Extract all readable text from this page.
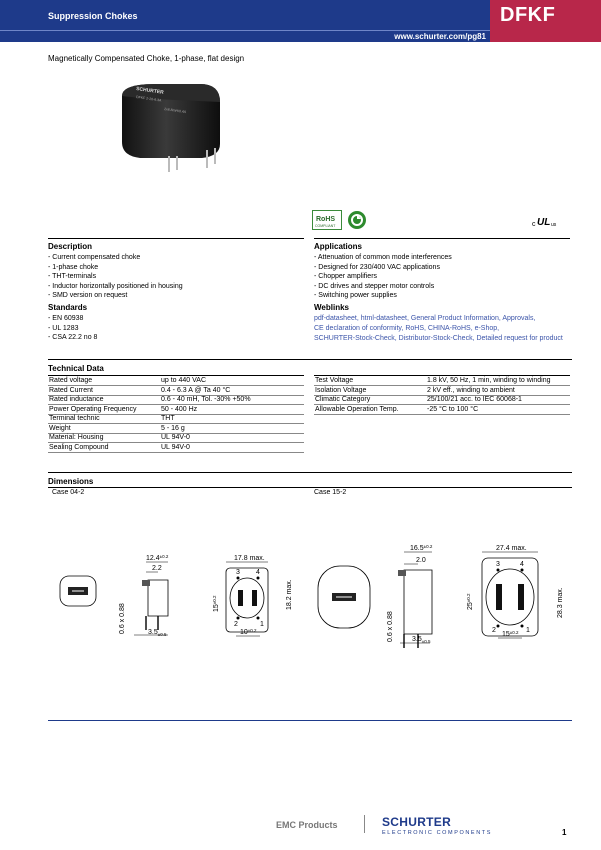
Suppression Chokes
www.schurter.com/pg81
DFKF
Magnetically Compensated Choke, 1-phase, flat design
SCHURTER
DFKF 2-20-6.3A
2x6.8mH/0.4A
RoHS
COMPLIANT	c UL us
Description
- Current compensated choke
- 1-phase choke
- THT-terminals
- Inductor horizontally positioned in housing
- SMD version on request
Standards
- EN 60938
- UL 1283
- CSA 22.2 no 8
Applications
- Attenuation of common mode interferences
- Designed for 230/400 VAC applications
- Chopper amplifiers
- DC drives and stepper motor controls
- Switching power supplies
Weblinks
pdf-datasheet, html-datasheet, General Product Information, Approvals, CE declaration of conformity, RoHS, CHINA-RoHS, e-Shop, SCHURTER-Stock-Check, Distributor-Stock-Check, Detailed request for product
Technical Data
Rated voltage	up to 440 VAC
Rated Current	0.4 - 6.3 A @ Ta 40 °C
Rated inductance	0.6 - 40 mH, Tol. -30% +50%
Power Operating Frequency	50 - 400 Hz
Terminal technic	THT
Weight	5 - 16 g
Material: Housing	UL 94V-0
Sealing Compound	UL 94V-0
Test Voltage	1.8 kV, 50 Hz, 1 min, winding to winding
Isolation Voltage	2 kV eff., winding to ambient
Climatic Category	25/100/21 acc. to IEC 60068-1
Allowable Operation Temp.	-25 °C to 100 °C
Dimensions
Case 04-2	Case 15-2
$12.4^{\pm 0.2}$
2.2
0.6 x 0.88	$3.5_{\pm 0.5}$
3 4
2	1
17.8 max.
18.2 max.
$15^{\pm 0.2}$
$10^{\pm 0.2}$
$16.5^{\pm 0.2}$
2.0
0.6 x 0.88	$3.5_{\pm 0.5}$
3	4
2	1
27.4 max.
28.3 max.
$25^{\pm 0.2}$
$15^{\pm 0.2}$
EMC Products	SCHURTER
ELECTRONIC COMPONENTS	1
